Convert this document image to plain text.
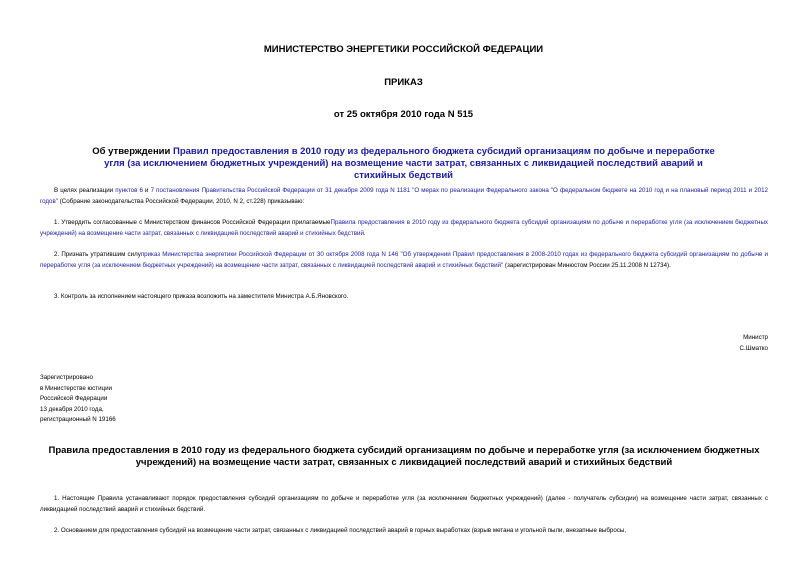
МИНИСТЕРСТВО ЭНЕРГЕТИКИ РОССИЙСКОЙ ФЕДЕРАЦИИ
ПРИКАЗ
от 25 октября 2010 года N 515
Об утверждении Правил предоставления в 2010 году из федерального бюджета субсидий организациям по добыче и переработке угля (за исключением бюджетных учреждений) на возмещение части затрат, связанных с ликвидацией последствий аварий и стихийных бедствий
В целях реализации пунктов 6 и 7 постановления Правительства Российской Федерации от 31 декабря 2009 года N 1181 "О мерах по реализации Федерального закона "О федеральном бюджете на 2010 год и на плановый период 2011 и 2012 годов" (Собрание законодательства Российской Федерации, 2010, N 2, ст.228) приказываю:
1. Утвердить согласованные с Министерством финансов Российской Федерации прилагаемыеПравила предоставления в 2010 году из федерального бюджета субсидий организациям по добыче и переработке угля (за исключением бюджетных учреждений) на возмещение части затрат, связанных с ликвидацией последствий аварий и стихийных бедствий.
2. Признать утратившим силуприказ Министерства энергетики Российской Федерации от 30 октября 2008 года N 146 "Об утверждении Правил предоставления в 2008-2010 годах из федерального бюджета субсидий организациям по добыче и переработке угля (за исключением бюджетных учреждений) на возмещение части затрат, связанных с ликвидацией последствий аварий и стихийных бедствий" (зарегистрирован Минюстом России 25.11.2008 N 12734).
3. Контроль за исполнением настоящего приказа возложить на заместителя Министра А.Б.Яновского.
Министр
С.Шматко
Зарегистрировано
в Министерстве юстиции
Российской Федерации
13 декабря 2010 года,
регистрационный N 19166
Правила предоставления в 2010 году из федерального бюджета субсидий организациям по добыче и переработке угля (за исключением бюджетных учреждений) на возмещение части затрат, связанных с ликвидацией последствий аварий и стихийных бедствий
1. Настоящие Правила устанавливают порядок предоставления субсидий организациям по добыче и переработке угля (за исключением бюджетных учреждений) (далее - получатель субсидии) на возмещение части затрат, связанных с ликвидацией последствий аварий и стихийных бедствий.
2. Основанием для предоставления субсидий на возмещение части затрат, связанных с ликвидацией последствий аварий в горных выработках (взрыв метана и угольной пыли, внезапные выбросы,
